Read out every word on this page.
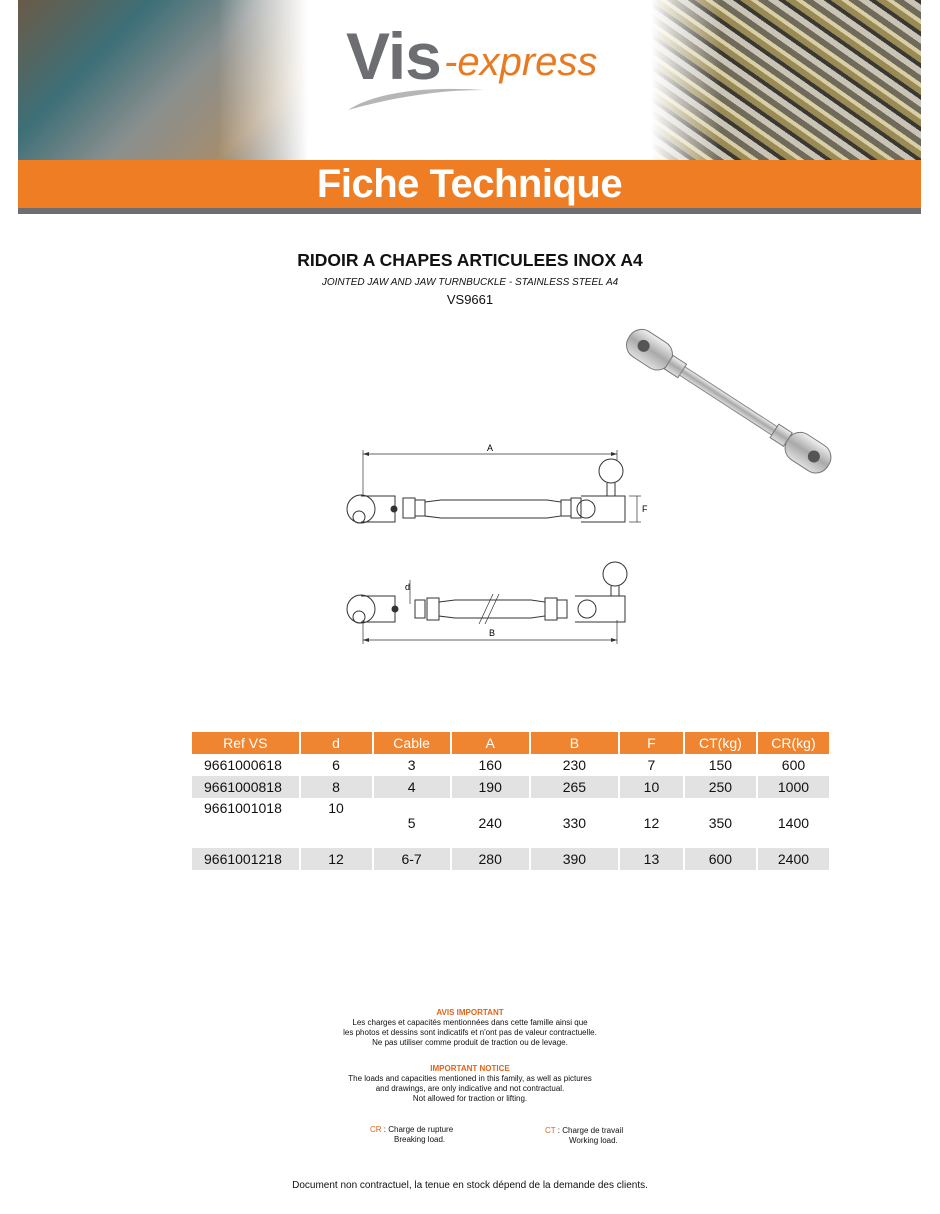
Vis -express
Fiche Technique
RIDOIR A CHAPES ARTICULEES INOX A4
JOINTED JAW AND JAW TURNBUCKLE - STAINLESS STEEL A4
VS9661
A
F
d
B
Ref VS	d	Cable	A	B	F	CT(kg)	CR(kg)
9661000618	6	3	160	230	7	150	600
9661000818	8	4	190	265	10	250	1000
9661001018	10	5	240	330	12	350	1400
9661001218	12	6-7	280	390	13	600	2400
AVIS IMPORTANT
Les charges et capacités mentionnées dans cette famille ainsi que
les photos et dessins sont indicatifs et n'ont pas de valeur contractuelle.
Ne pas utiliser comme produit de traction ou de levage.
IMPORTANT NOTICE
The loads and capacities mentioned in this family, as well as pictures
and drawings, are only indicative and not contractual.
Not allowed for traction or lifting.
CR : Charge de rupture
Breaking load.
CT : Charge de travail
Working load.
Document non contractuel, la tenue en stock dépend de la demande des clients.
